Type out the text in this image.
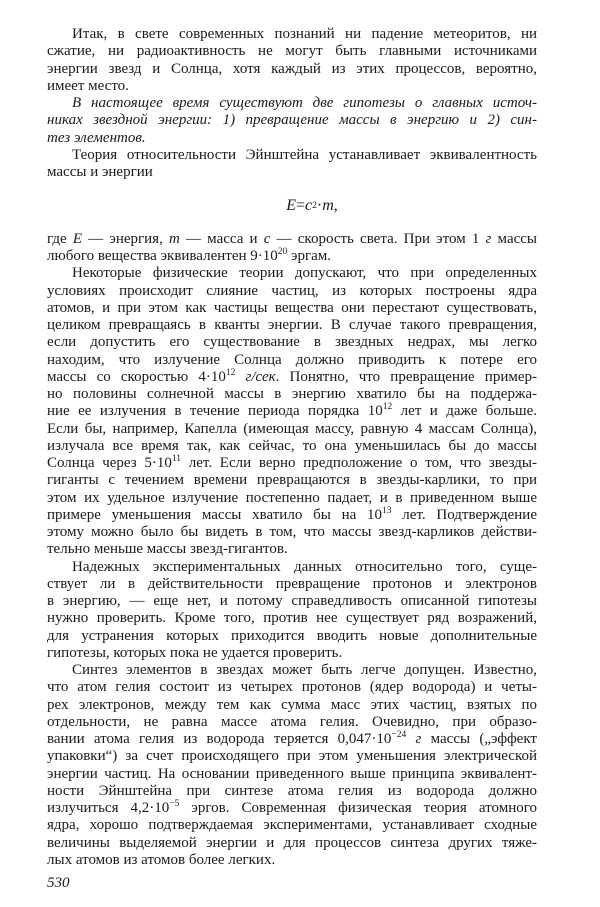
Итак, в свете современных познаний ни падение метеоритов, ни
сжатие, ни радиоактивность не могут быть главными источниками
энергии звезд и Солнца, хотя каждый из этих процессов, вероятно,
имеет место.
В настоящее время существуют две гипотезы о главных источ-
никах звездной энергии: 1) превращение массы в энергию и 2) син-
тез элементов.
Теория относительности Эйнштейна устанавливает эквивалентность
массы и энергии
E = c 2 · m ,
где E — энергия, m — масса и c — скорость света. При этом 1 г массы
любого вещества эквивалентен $9\cdot 10^{20}$ эргам.
Некоторые физические теории допускают, что при определенных
условиях происходит слияние частиц, из которых построены ядра
атомов, и при этом как частицы вещества они перестают существовать,
целиком превращаясь в кванты энергии. В случае такого превращения,
если допустить его существование в звездных недрах, мы легко
находим, что излучение Солнца должно приводить к потере его
массы со скоростью $4\cdot 10^{12}$ г/сек. Понятно, что превращение пример-
но половины солнечной массы в энергию хватило бы на поддержа-
ние ее излучения в течение периода порядка $10^{12}$ лет и даже больше.
Если бы, например, Капелла (имеющая массу, равную 4 массам Солнца),
излучала все время так, как сейчас, то она уменьшилась бы до массы
Солнца через $5\cdot 10^{11}$ лет. Если верно предположение о том, что звезды-
гиганты с течением времени превращаются в звезды-карлики, то при
этом их удельное излучение постепенно падает, и в приведенном выше
примере уменьшения массы хватило бы на $10^{13}$ лет. Подтверждение
этому можно было бы видеть в том, что массы звезд-карликов действи-
тельно меньше массы звезд-гигантов.
Надежных экспериментальных данных относительно того, суще-
ствует ли в действительности превращение протонов и электронов
в энергию, — еще нет, и потому справедливость описанной гипотезы
нужно проверить. Кроме того, против нее существует ряд возражений,
для устранения которых приходится вводить новые дополнительные
гипотезы, которых пока не удается проверить.
Синтез элементов в звездах может быть легче допущен. Известно,
что атом гелия состоит из четырех протонов (ядер водорода) и четы-
рех электронов, между тем как сумма масс этих частиц, взятых по
отдельности, не равна массе атома гелия. Очевидно, при образо-
вании атома гелия из водорода теряется $0,047\cdot 10^{-24}$ г массы („эффект
упаковки“) за счет происходящего при этом уменьшения электрической
энергии частиц. На основании приведенного выше принципа эквивалент-
ности Эйнштейна при синтезе атома гелия из водорода должно
излучиться $4,2\cdot 10^{-5}$ эргов. Современная физическая теория атомного
ядра, хорошо подтверждаемая экспериментами, устанавливает сходные
величины выделяемой энергии и для процессов синтеза других тяже-
лых атомов из атомов более легких.
530
